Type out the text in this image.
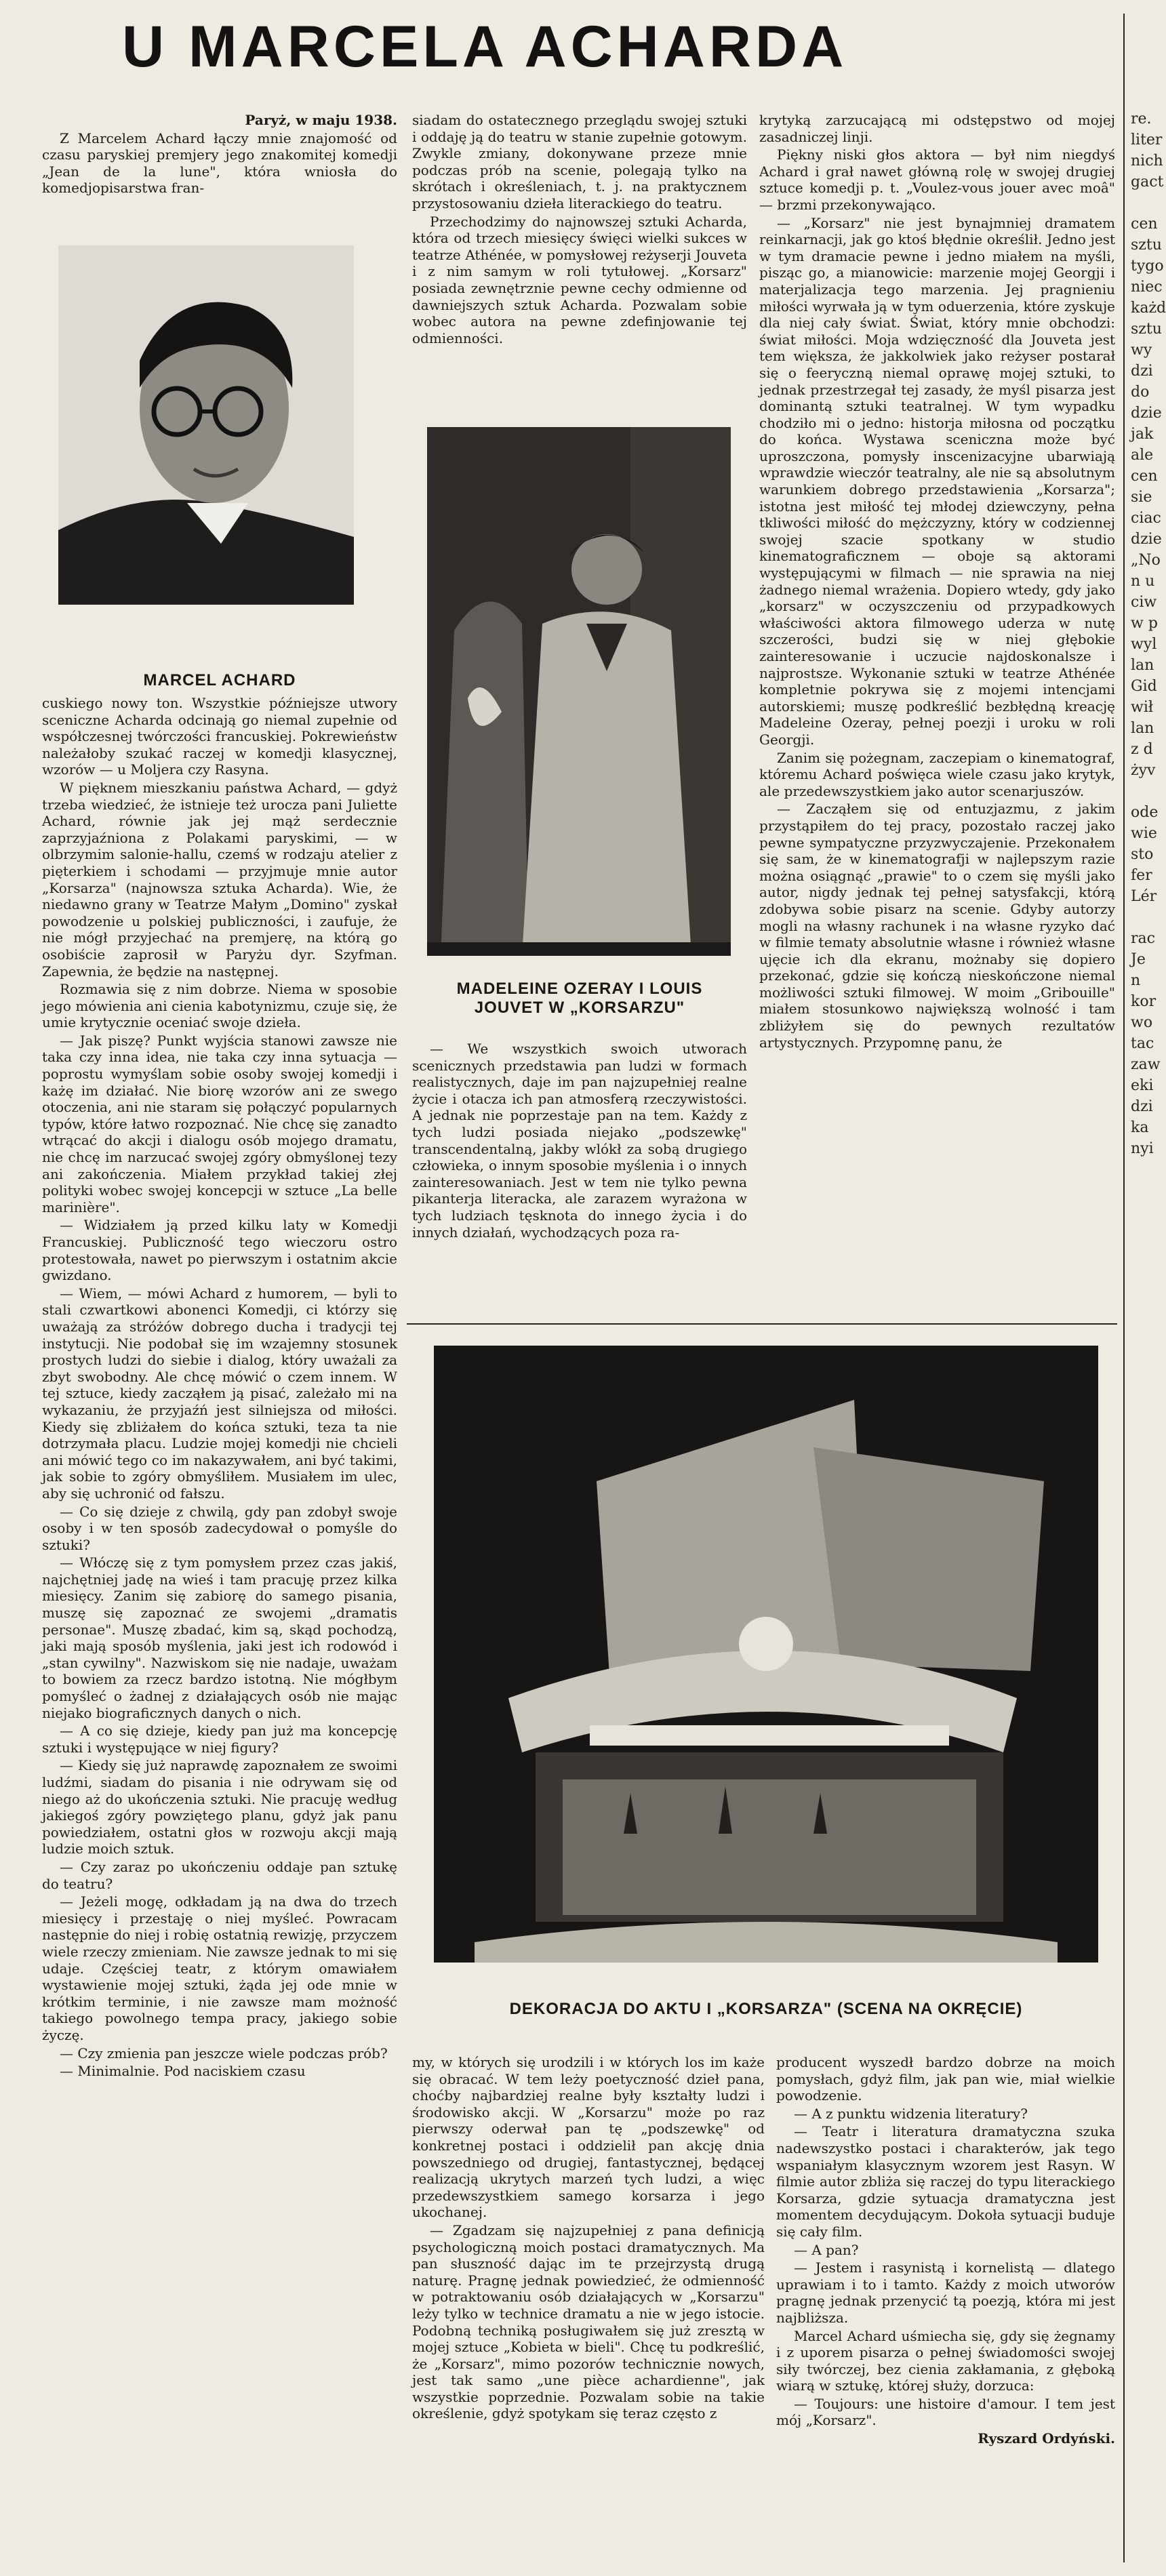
U MARCELA ACHARDA

Paryż, w maju 1938.

Z Marcelem Achard łączy mnie znajomość od czasu paryskiej premjery jego znakomitej komedji „Jean de la lune", która wniosła do komedjopisarstwa fran-

MARCEL ACHARD

cuskiego nowy ton. Wszystkie późniejsze utwory sceniczne Acharda odcinają go niemal zupełnie od współczesnej twórczości francuskiej. Pokrewieństw należałoby szukać raczej w komedji klasycznej, wzorów — u Moljera czy Rasyna.

W pięknem mieszkaniu państwa Achard, — gdyż trzeba wiedzieć, że istnieje też urocza pani Juliette Achard, równie jak jej mąż serdecznie zaprzyjaźniona z Polakami paryskimi, — w olbrzymim salonie-hallu, czemś w rodzaju atelier z pięterkiem i schodami — przyjmuje mnie autor „Korsarza" (najnowsza sztuka Acharda). Wie, że niedawno grany w Teatrze Małym „Domino" zyskał powodzenie u polskiej publiczności, i zaufuje, że nie mógł przyjechać na premjerę, na którą go osobiście zaprosił w Paryżu dyr. Szyfman. Zapewnia, że będzie na następnej.

Rozmawia się z nim dobrze. Niema w sposobie jego mówienia ani cienia kabotynizmu, czuje się, że umie krytycznie oceniać swoje dzieła.

— Jak piszę? Punkt wyjścia stanowi zawsze nie taka czy inna idea, nie taka czy inna sytuacja — poprostu wymyślam sobie osoby swojej komedji i każę im działać. Nie biorę wzorów ani ze swego otoczenia, ani nie staram się połączyć popularnych typów, które łatwo rozpoznać. Nie chcę się zanadto wtrącać do akcji i dialogu osób mojego dramatu, nie chcę im narzucać swojej zgóry obmyślonej tezy ani zakończenia. Miałem przykład takiej złej polityki wobec swojej koncepcji w sztuce „La belle marinière".

— Widziałem ją przed kilku laty w Komedji Francuskiej. Publiczność tego wieczoru ostro protestowała, nawet po pierwszym i ostatnim akcie gwizdano.

— Wiem, — mówi Achard z humorem, — byli to stali czwartkowi abonenci Komedji, ci którzy się uważają za stróżów dobrego ducha i tradycji tej instytucji. Nie podobał się im wzajemny stosunek prostych ludzi do siebie i dialog, który uważali za zbyt swobodny. Ale chcę mówić o czem innem. W tej sztuce, kiedy zacząłem ją pisać, zależało mi na wykazaniu, że przyjaźń jest silniejsza od miłości. Kiedy się zbliżałem do końca sztuki, teza ta nie dotrzymała placu. Ludzie mojej komedji nie chcieli ani mówić tego co im nakazywałem, ani być takimi, jak sobie to zgóry obmyśliłem. Musiałem im ulec, aby się uchronić od fałszu.

— Co się dzieje z chwilą, gdy pan zdobył swoje osoby i w ten sposób zadecydował o pomyśle do sztuki?

— Włóczę się z tym pomysłem przez czas jakiś, najchętniej jadę na wieś i tam pracuję przez kilka miesięcy. Zanim się zabiorę do samego pisania, muszę się zapoznać ze swojemi „dramatis personae". Muszę zbadać, kim są, skąd pochodzą, jaki mają sposób myślenia, jaki jest ich rodowód i „stan cywilny". Nazwiskom się nie nadaje, uważam to bowiem za rzecz bardzo istotną. Nie mógłbym pomyśleć o żadnej z działających osób nie mając niejako biograficznych danych o nich.

— A co się dzieje, kiedy pan już ma koncepcję sztuki i występujące w niej figury?

— Kiedy się już naprawdę zapoznałem ze swoimi ludźmi, siadam do pisania i nie odrywam się od niego aż do ukończenia sztuki. Nie pracuję według jakiegoś zgóry powziętego planu, gdyż jak panu powiedziałem, ostatni głos w rozwoju akcji mają ludzie moich sztuk.

— Czy zaraz po ukończeniu oddaje pan sztukę do teatru?

— Jeżeli mogę, odkładam ją na dwa do trzech miesięcy i przestaję o niej myśleć. Powracam następnie do niej i robię ostatnią rewizję, przyczem wiele rzeczy zmieniam. Nie zawsze jednak to mi się udaje. Częściej teatr, z którym omawiałem wystawienie mojej sztuki, żąda jej ode mnie w krótkim terminie, i nie zawsze mam możność takiego powolnego tempa pracy, jakiego sobie życzę.

— Czy zmienia pan jeszcze wiele podczas prób?

— Minimalnie. Pod naciskiem czasu

siadam do ostatecznego przeglądu swojej sztuki i oddaję ją do teatru w stanie zupełnie gotowym. Zwykle zmiany, dokonywane przeze mnie podczas prób na scenie, polegają tylko na skrótach i określeniach, t. j. na praktycznem przystosowaniu dzieła literackiego do teatru.

Przechodzimy do najnowszej sztuki Acharda, która od trzech miesięcy święci wielki sukces w teatrze Athénée, w pomysłowej reżyserji Jouveta i z nim samym w roli tytułowej. „Korsarz" posiada zewnętrznie pewne cechy odmienne od dawniejszych sztuk Acharda. Pozwalam sobie wobec autora na pewne zdefinjowanie tej odmienności.

MADELEINE OZERAY I LOUIS
JOUVET W „KORSARZU"

— We wszystkich swoich utworach scenicznych przedstawia pan ludzi w formach realistycznych, daje im pan najzupełniej realne życie i otacza ich pan atmosferą rzeczywistości. A jednak nie poprzestaje pan na tem. Każdy z tych ludzi posiada niejako „podszewkę" transcendentalną, jakby wlókł za sobą drugiego człowieka, o innym sposobie myślenia i o innych zainteresowaniach. Jest w tem nie tylko pewna pikanterja literacka, ale zarazem wyrażona w tych ludziach tęsknota do innego życia i do innych działań, wychodzących poza ra-

krytyką zarzucającą mi odstępstwo od mojej zasadniczej linji.

Piękny niski głos aktora — był nim niegdyś Achard i grał nawet główną rolę w swojej drugiej sztuce komedji p. t. „Voulez-vous jouer avec moâ" — brzmi przekonywająco.

— „Korsarz" nie jest bynajmniej dramatem reinkarnacji, jak go ktoś błędnie określił. Jedno jest w tym dramacie pewne i jedno miałem na myśli, pisząc go, a mianowicie: marzenie mojej Georgji i materjalizacja tego marzenia. Jej pragnieniu miłości wyrwała ją w tym oduerzenia, które zyskuje dla niej cały świat. Świat, który mnie obchodzi: świat miłości. Moja wdzięczność dla Jouveta jest tem większa, że jakkolwiek jako reżyser postarał się o feeryczną niemal oprawę mojej sztuki, to jednak przestrzegał tej zasady, że myśl pisarza jest dominantą sztuki teatralnej. W tym wypadku chodziło mi o jedno: historja miłosna od początku do końca. Wystawa sceniczna może być uproszczona, pomysły inscenizacyjne ubarwiają wprawdzie wieczór teatralny, ale nie są absolutnym warunkiem dobrego przedstawienia „Korsarza"; istotna jest miłość tej młodej dziewczyny, pełna tkliwości miłość do mężczyzny, który w codziennej swojej szacie spotkany w studio kinematograficznem — oboje są aktorami występującymi w filmach — nie sprawia na niej żadnego niemal wrażenia. Dopiero wtedy, gdy jako „korsarz" w oczyszczeniu od przypadkowych właściwości aktora filmowego uderza w nutę szczerości, budzi się w niej głębokie zainteresowanie i uczucie najdoskonalsze i najprostsze. Wykonanie sztuki w teatrze Athénée kompletnie pokrywa się z mojemi intencjami autorskiemi; muszę podkreślić bezbłędną kreację Madeleine Ozeray, pełnej poezji i uroku w roli Georgji.

Zanim się pożegnam, zaczepiam o kinematograf, któremu Achard poświęca wiele czasu jako krytyk, ale przedewszystkiem jako autor scenarjuszów.

— Zacząłem się od entuzjazmu, z jakim przystąpiłem do tej pracy, pozostało raczej jako pewne sympatyczne przyzwyczajenie. Przekonałem się sam, że w kinematografji w najlepszym razie można osiągnąć „prawie" to o czem się myśli jako autor, nigdy jednak tej pełnej satysfakcji, którą zdobywa sobie pisarz na scenie. Gdyby autorzy mogli na własny rachunek i na własne ryzyko dać w filmie tematy absolutnie własne i również własne ujęcie ich dla ekranu, możnaby się dopiero przekonać, gdzie się kończą nieskończone niemal możliwości sztuki filmowej. W moim „Gribouille" miałem stosunkowo największą wolność i tam zbliżyłem się do pewnych rezultatów artystycznych. Przypomnę panu, że

DEKORACJA DO AKTU I „KORSARZA" (SCENA NA OKRĘCIE)

my, w których się urodzili i w których los im każe się obracać. W tem leży poetyczność dzieł pana, choćby najbardziej realne były kształty ludzi i środowisko akcji. W „Korsarzu" może po raz pierwszy oderwał pan tę „podszewkę" od konkretnej postaci i oddzielił pan akcję dnia powszedniego od drugiej, fantastycznej, będącej realizacją ukrytych marzeń tych ludzi, a więc przedewszystkiem samego korsarza i jego ukochanej.

— Zgadzam się najzupełniej z pana definicją psychologiczną moich postaci dramatycznych. Ma pan słuszność dając im te przejrzystą drugą naturę. Pragnę jednak powiedzieć, że odmienność w potraktowaniu osób działających w „Korsarzu" leży tylko w technice dramatu a nie w jego istocie. Podobną techniką posługiwałem się już zresztą w mojej sztuce „Kobieta w bieli". Chcę tu podkreślić, że „Korsarz", mimo pozorów technicznie nowych, jest tak samo „une pièce achardienne", jak wszystkie poprzednie. Pozwalam sobie na takie określenie, gdyż spotykam się teraz często z

producent wyszedł bardzo dobrze na moich pomysłach, gdyż film, jak pan wie, miał wielkie powodzenie.

— A z punktu widzenia literatury?

— Teatr i literatura dramatyczna szuka nadewszystko postaci i charakterów, jak tego wspaniałym klasycznym wzorem jest Rasyn. W filmie autor zbliża się raczej do typu literackiego Korsarza, gdzie sytuacja dramatyczna jest momentem decydującym. Dokoła sytuacji buduje się cały film.

— A pan?

— Jestem i rasynistą i kornelistą — dlatego uprawiam i to i tamto. Każdy z moich utworów pragnę jednak przenycić tą poezją, która mi jest najbliższa.

Marcel Achard uśmiecha się, gdy się żegnamy i z uporem pisarza o pełnej świadomości swojej siły twórczej, bez cienia zakłamania, z głęboką wiarą w sztukę, której służy, dorzuca:

— Toujours: une histoire d'amour. I tem jest mój „Korsarz".

Ryszard Ordyński.

re.
liter
nich
gact

cen
sztu
tygo
niec
każd
sztu
wy
dzi
do
dzie
jak
ale
cen
sie
ciac
dzie
„No
n u
ciw
w p
wyl
lan
Gid
wił
lan
z d
żyv

ode
wie
sto
fer
Lér

rac
Je
n
kor
wo
tac
zaw
eki
dzi
ka
nyi
